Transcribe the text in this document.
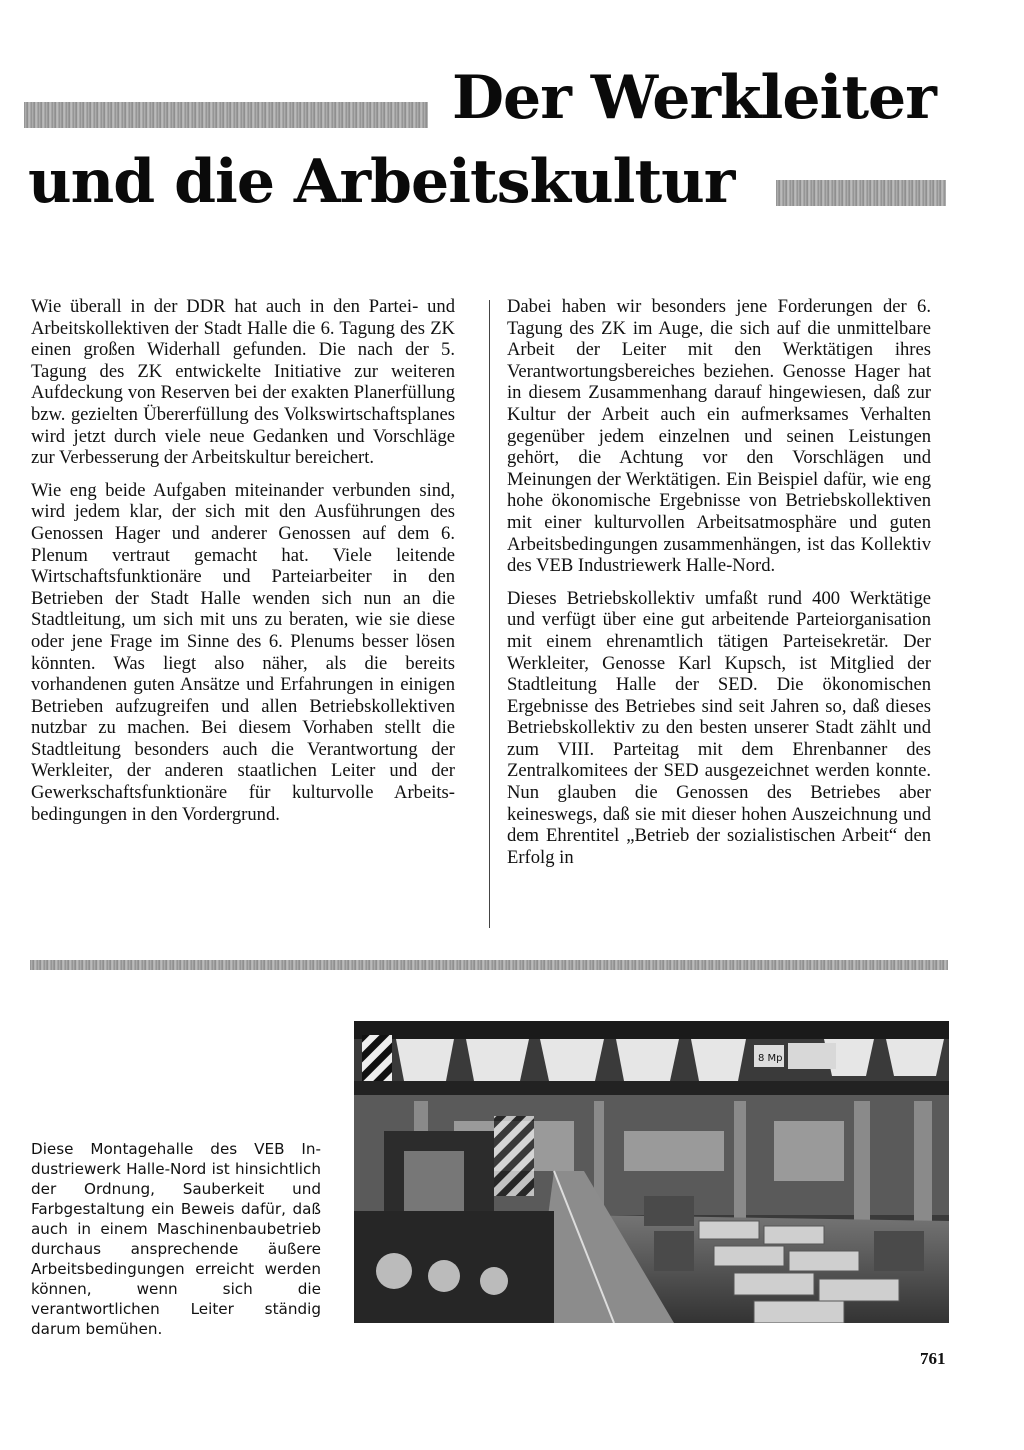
Der Werkleiter
und die Arbeitskultur

Wie überall in der DDR hat auch in den Partei- und Arbeitskollektiven der Stadt Halle die 6. Tagung des ZK einen großen Widerhall gefunden. Die nach der 5. Tagung des ZK entwickelte Initiative zur weiteren Aufdeckung von Reserven bei der exakten Planerfüllung bzw. gezielten Übererfüllung des Volkswirtschaftsplanes wird jetzt durch viele neue Gedanken und Vorschläge zur Verbesserung der Arbeitskultur bereichert.

Wie eng beide Aufgaben miteinander verbunden sind, wird jedem klar, der sich mit den Ausführungen des Genossen Hager und anderer Genossen auf dem 6. Plenum vertraut gemacht hat. Viele leitende Wirtschaftsfunktionäre und Parteiarbeiter in den Betrieben der Stadt Halle wenden sich nun an die Stadtleitung, um sich mit uns zu beraten, wie sie diese oder jene Frage im Sinne des 6. Plenums besser lösen könnten. Was liegt also näher, als die bereits vorhandenen guten Ansätze und Erfahrungen in einigen Betrieben aufzugreifen und allen Betriebskollektiven nutzbar zu machen. Bei diesem Vorhaben stellt die Stadtleitung besonders auch die Verantwortung der Werkleiter, der anderen staatlichen Leiter und der Gewerkschaftsfunktionäre für kulturvolle Arbeitsbedingungen in den Vordergrund.

Dabei haben wir besonders jene Forderungen der 6. Tagung des ZK im Auge, die sich auf die unmittelbare Arbeit der Leiter mit den Werktätigen ihres Verantwortungsbereiches beziehen. Genosse Hager hat in diesem Zusammenhang darauf hingewiesen, daß zur Kultur der Arbeit auch ein aufmerksames Verhalten gegenüber jedem einzelnen und seinen Leistungen gehört, die Achtung vor den Vorschlägen und Meinungen der Werktätigen. Ein Beispiel dafür, wie eng hohe ökonomische Ergebnisse von Betriebskollektiven mit einer kulturvollen Arbeitsatmosphäre und guten Arbeitsbedingungen zusammenhängen, ist das Kollektiv des VEB Industriewerk Halle-Nord.

Dieses Betriebskollektiv umfaßt rund 400 Werktätige und verfügt über eine gut arbeitende Parteiorganisation mit einem ehrenamtlich tätigen Parteisekretär. Der Werkleiter, Genosse Karl Kupsch, ist Mitglied der Stadtleitung Halle der SED. Die ökonomischen Ergebnisse des Betriebes sind seit Jahren so, daß dieses Betriebskollektiv zu den besten unserer Stadt zählt und zum VIII. Parteitag mit dem Ehrenbanner des Zentralkomitees der SED ausgezeichnet werden konnte. Nun glauben die Genossen des Betriebes aber keineswegs, daß sie mit dieser hohen Auszeichnung und dem Ehrentitel „Betrieb der sozialistischen Arbeit“ den Erfolg in

8 Mp
Diese Montagehalle des VEB Industriewerk Halle-Nord ist hinsichtlich der Ordnung, Sauberkeit und Farbgestaltung ein Beweis dafür, daß auch in einem Maschinenbaubetrieb durchaus ansprechende äußere Arbeitsbedingungen erreicht werden können, wenn sich die verantwortlichen Leiter ständig darum bemühen.
761
